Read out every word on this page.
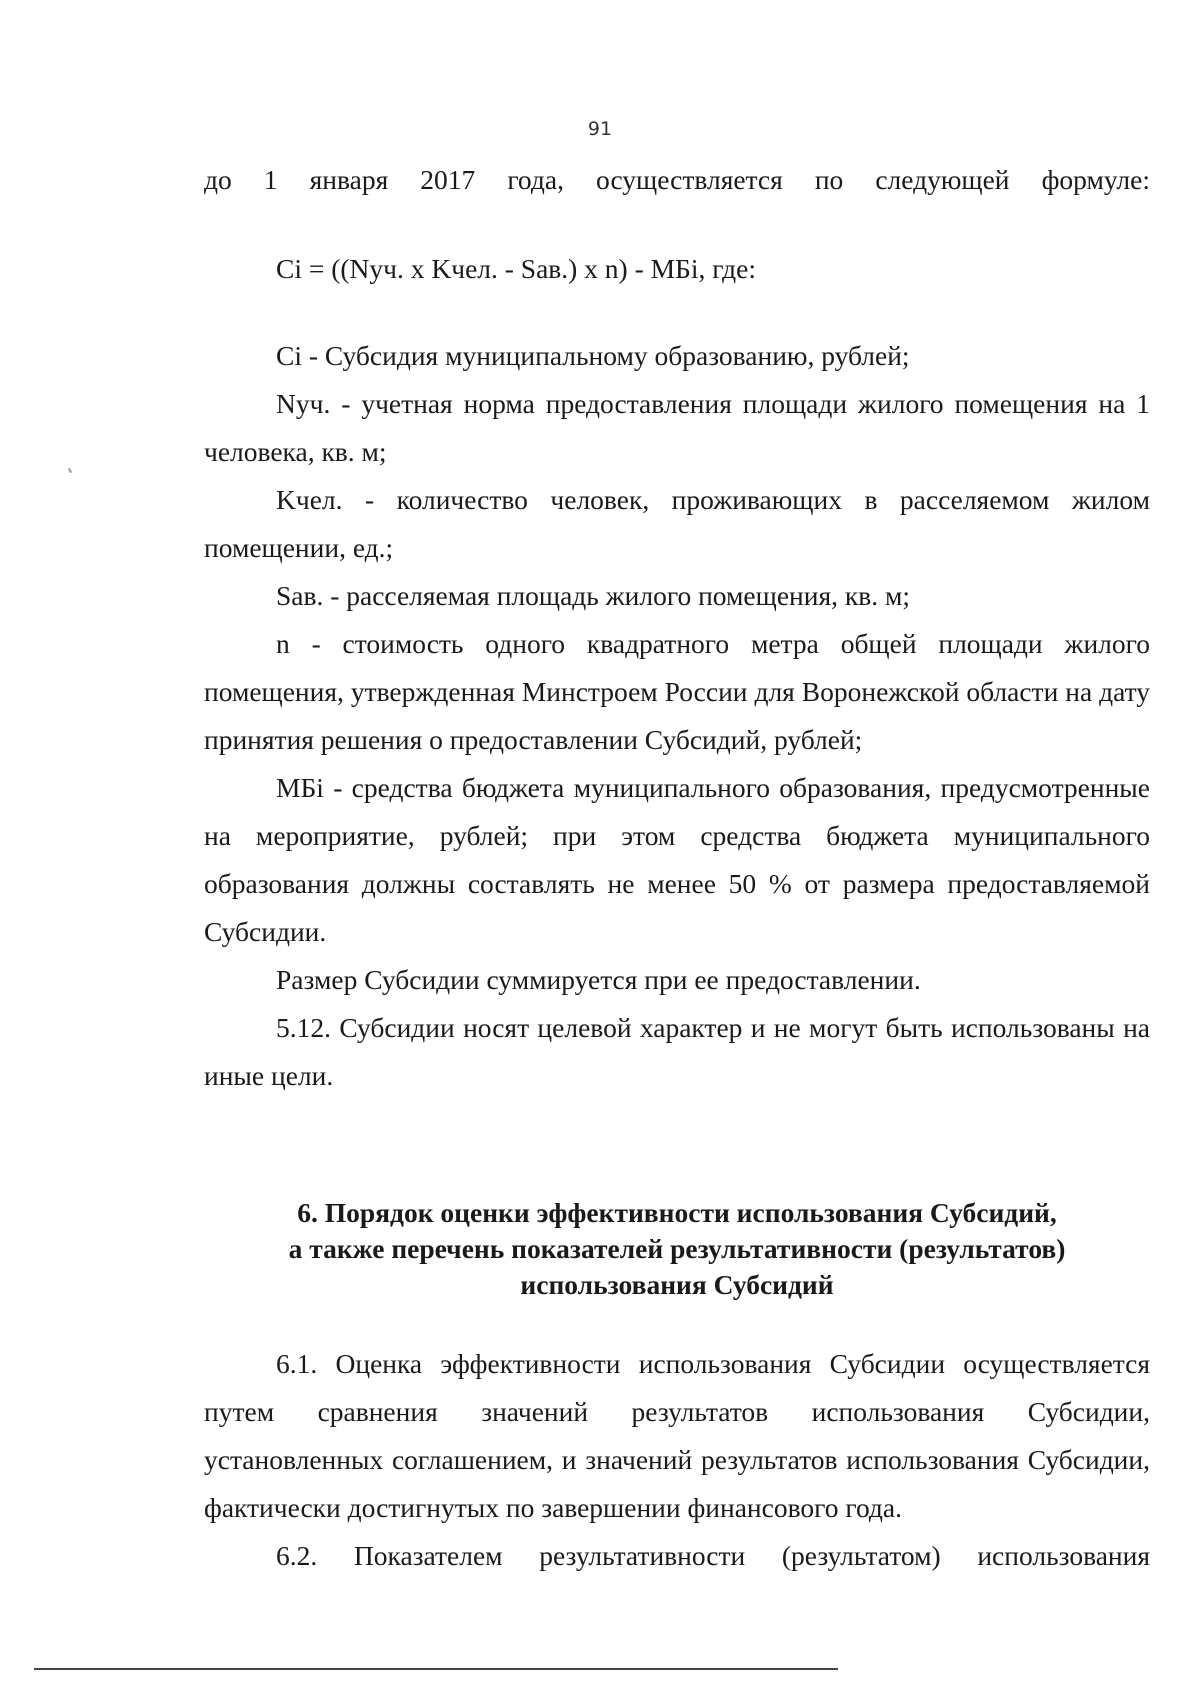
91
до 1 января 2017 года, осуществляется по следующей формуле:
Ci = ((Nуч. x Kчел. - Sав.) x n) - МБi, где:

Ci - Субсидия муниципальному образованию, рублей;

Nуч. - учетная норма предоставления площади жилого помещения на 1 человека, кв. м;

Kчел. - количество человек, проживающих в расселяемом жилом помещении, ед.;

Sав. - расселяемая площадь жилого помещения, кв. м;

n - стоимость одного квадратного метра общей площади жилого помещения, утвержденная Минстроем России для Воронежской области на дату принятия решения о предоставлении Субсидий, рублей;

МБi - средства бюджета муниципального образования, предусмотренные на мероприятие, рублей; при этом средства бюджета муниципального образования должны составлять не менее 50 % от размера предоставляемой Субсидии.

Размер Субсидии суммируется при ее предоставлении.

5.12. Субсидии носят целевой характер и не могут быть использованы на иные цели.

6. Порядок оценки эффективности использования Субсидий,
а также перечень показателей результативности (результатов)
использования Субсидий

6.1. Оценка эффективности использования Субсидии осуществляется путем сравнения значений результатов использования Субсидии, установленных соглашением, и значений результатов использования Субсидии, фактически достигнутых по завершении финансового года.

6.2. Показателем результативности (результатом) использования
